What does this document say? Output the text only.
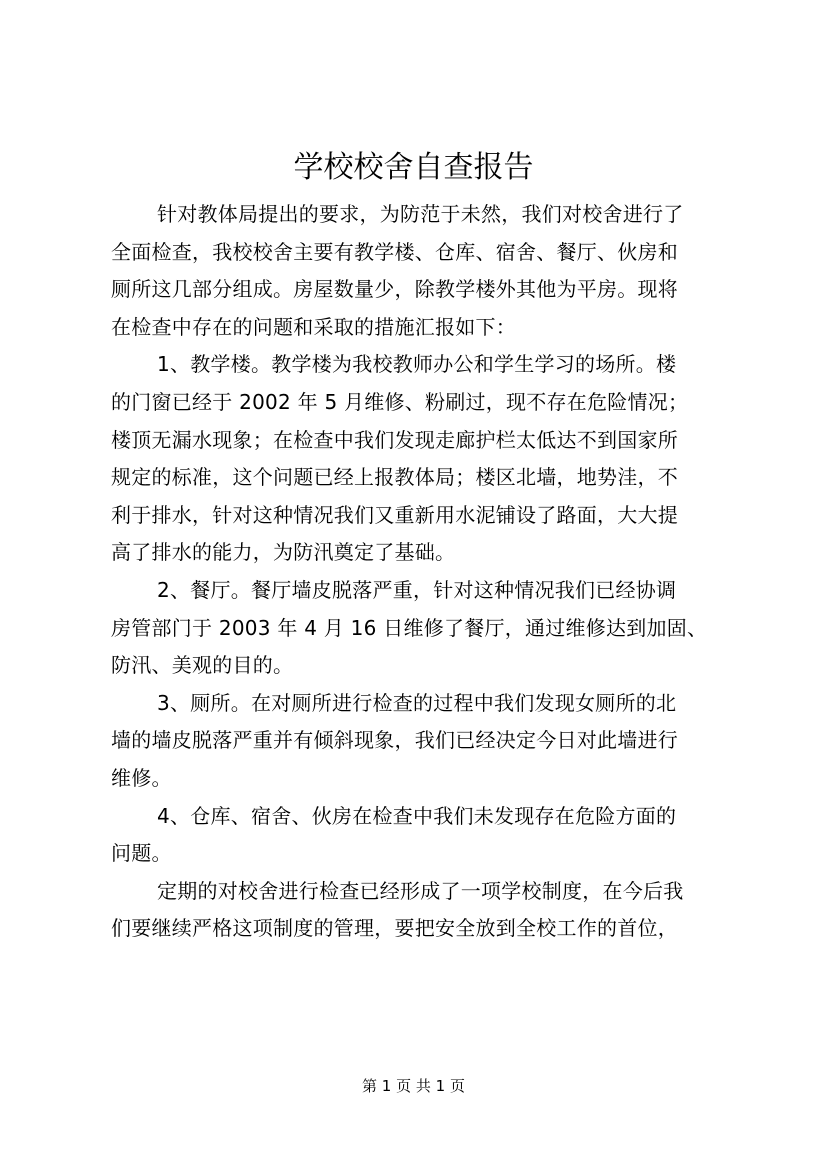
学校校舍自查报告

针对教体局提出的要求，为防范于未然，我们对校舍进行了

全面检查，我校校舍主要有教学楼、仓库、宿舍、餐厅、伙房和

厕所这几部分组成。房屋数量少，除教学楼外其他为平房。现将

在检查中存在的问题和采取的措施汇报如下：

1、教学楼。教学楼为我校教师办公和学生学习的场所。楼

的门窗已经于 2002 年 5 月维修、粉刷过，现不存在危险情况；

楼顶无漏水现象；在检查中我们发现走廊护栏太低达不到国家所

规定的标准，这个问题已经上报教体局；楼区北墙，地势洼，不

利于排水，针对这种情况我们又重新用水泥铺设了路面，大大提

高了排水的能力，为防汛奠定了基础。

2、餐厅。餐厅墙皮脱落严重，针对这种情况我们已经协调

房管部门于 2003 年 4 月 16 日维修了餐厅，通过维修达到加固、

防汛、美观的目的。

3、厕所。在对厕所进行检查的过程中我们发现女厕所的北

墙的墙皮脱落严重并有倾斜现象，我们已经决定今日对此墙进行

维修。

4、仓库、宿舍、伙房在检查中我们未发现存在危险方面的

问题。

定期的对校舍进行检查已经形成了一项学校制度，在今后我

们要继续严格这项制度的管理，要把安全放到全校工作的首位，

第 1 页 共 1 页
